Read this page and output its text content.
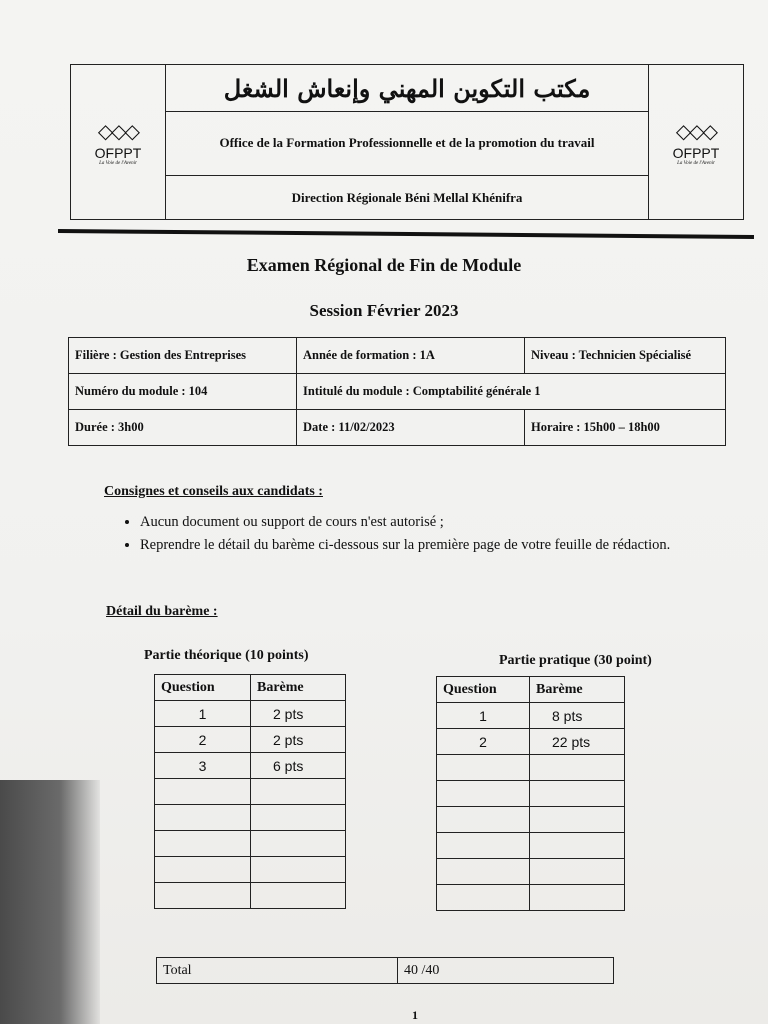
◇◇◇
OFPPT
La Voie de l'Avenir
مكتب التكوين المهني وإنعاش الشغل
Office de la Formation Professionnelle et de la promotion du travail
Direction Régionale Béni Mellal Khénifra
◇◇◇
OFPPT
La Voie de l'Avenir
Examen Régional de Fin de Module
Session Février 2023
Filière : Gestion des Entreprises	Année de formation : 1A	Niveau : Technicien Spécialisé
Numéro du module : 104	Intitulé du module : Comptabilité générale 1	
Durée : 3h00	Date : 11/02/2023	Horaire : 15h00 – 18h00
Consignes et conseils aux candidats :
• Aucun document ou support de cours n'est autorisé ;
• Reprendre le détail du barème ci-dessous sur la première page de votre feuille de rédaction.
Détail du barème :
Partie théorique (10 points)	Partie pratique (30 point)
Question	Barème
1	2 pts
2	2 pts
3	6 pts

Question	Barème
1	8 pts
2	22 pts

Total	40 /40
1
